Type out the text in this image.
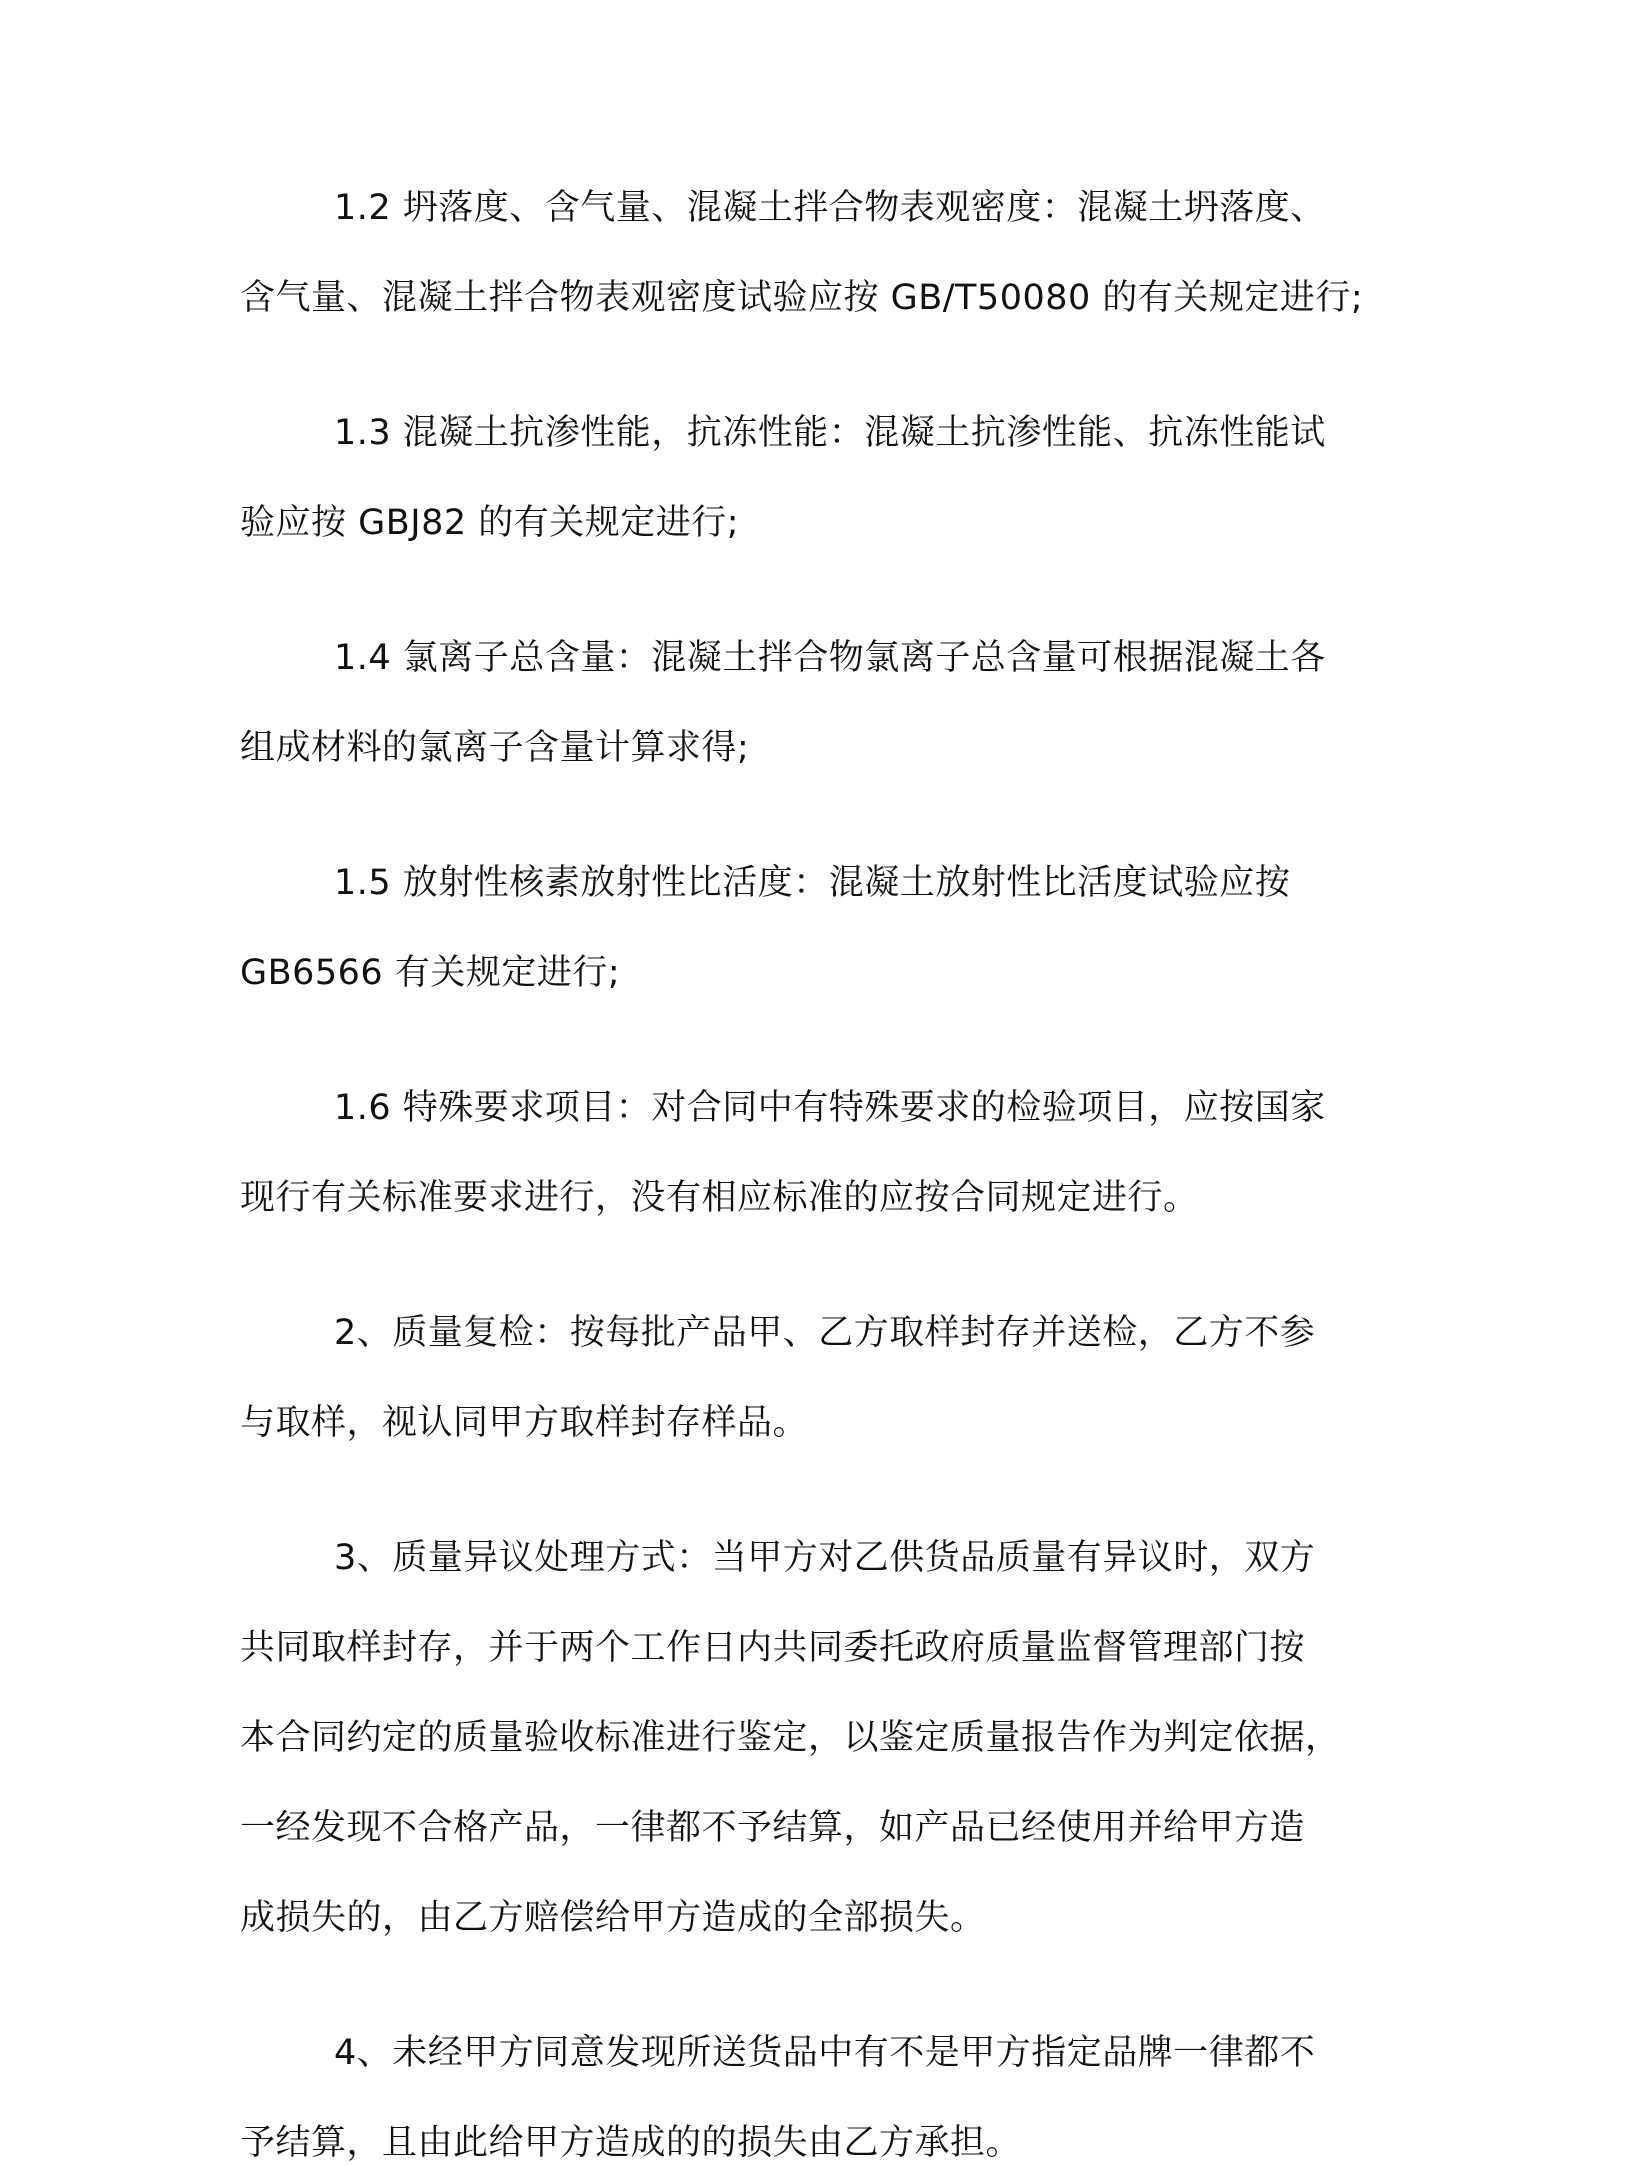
1.2 坍落度、含气量、混凝土拌合物表观密度：混凝土坍落度、
含气量、混凝土拌合物表观密度试验应按 GB/T50080 的有关规定进行;
1.3 混凝土抗渗性能，抗冻性能：混凝土抗渗性能、抗冻性能试
验应按 GBJ82 的有关规定进行;
1.4 氯离子总含量：混凝土拌合物氯离子总含量可根据混凝土各
组成材料的氯离子含量计算求得;
1.5 放射性核素放射性比活度：混凝土放射性比活度试验应按
GB6566 有关规定进行;
1.6 特殊要求项目：对合同中有特殊要求的检验项目，应按国家
现行有关标准要求进行，没有相应标准的应按合同规定进行。
2、质量复检：按每批产品甲、乙方取样封存并送检，乙方不参
与取样，视认同甲方取样封存样品。
3、质量异议处理方式：当甲方对乙供货品质量有异议时，双方
共同取样封存，并于两个工作日内共同委托政府质量监督管理部门按
本合同约定的质量验收标准进行鉴定，以鉴定质量报告作为判定依据，
一经发现不合格产品，一律都不予结算，如产品已经使用并给甲方造
成损失的，由乙方赔偿给甲方造成的全部损失。
4、未经甲方同意发现所送货品中有不是甲方指定品牌一律都不
予结算，且由此给甲方造成的的损失由乙方承担。
